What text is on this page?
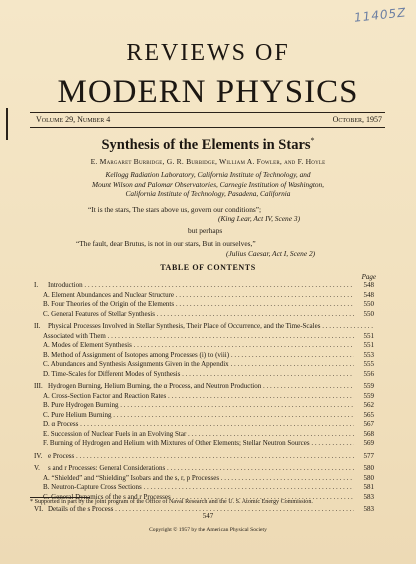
11405Z
REVIEWS OF
MODERN PHYSICS
Volume 29, Number 4	October, 1957
Synthesis of the Elements in Stars*
E. Margaret Burbidge, G. R. Burbidge, William A. Fowler, and F. Hoyle
Kellogg Radiation Laboratory, California Institute of Technology, and
Mount Wilson and Palomar Observatories, Carnegie Institution of Washington,
California Institute of Technology, Pasadena, California
“It is the stars, The stars above us, govern our conditions”;
(King Lear, Act IV, Scene 3)
but perhaps
“The fault, dear Brutus, is not in our stars, But in ourselves,”
(Julius Caesar, Act I, Scene 2)
TABLE OF CONTENTS
Page
I. Introduction . . .	548
A. Element Abundances and Nuclear Structure . . .	548
B. Four Theories of the Origin of the Elements . . .	550
C. General Features of Stellar Synthesis . . .	550
II. Physical Processes Involved in Stellar Synthesis, Their Place of Occurrence, and the Time-Scales . . .
Associated with Them . . .	551
A. Modes of Element Synthesis . . .	551
B. Method of Assignment of Isotopes among Processes (i) to (viii) . . .	553
C. Abundances and Synthesis Assignments Given in the Appendix . . .	555
D. Time-Scales for Different Modes of Synthesis . . .	556
III. Hydrogen Burning, Helium Burning, the α Process, and Neutron Production . . .	559
A. Cross-Section Factor and Reaction Rates . . .	559
B. Pure Hydrogen Burning . . .	562
C. Pure Helium Burning . . .	565
D. α Process . . .	567
E. Succession of Nuclear Fuels in an Evolving Star . . .	568
F. Burning of Hydrogen and Helium with Mixtures of Other Elements; Stellar Neutron Sources . . .	569
IV. e Process . . .	577
V. s and r Processes: General Considerations . . .	580
A. “Shielded” and “Shielding” Isobars and the s, r, p Processes . . .	580
B. Neutron-Capture Cross Sections . . .	581
C. General Dynamics of the s and r Processes . . .	583
VI. Details of the s Process . . .	583
* Supported in part by the joint program of the Office of Naval Research and the U. S. Atomic Energy Commission.
547
Copyright © 1957 by the American Physical Society
